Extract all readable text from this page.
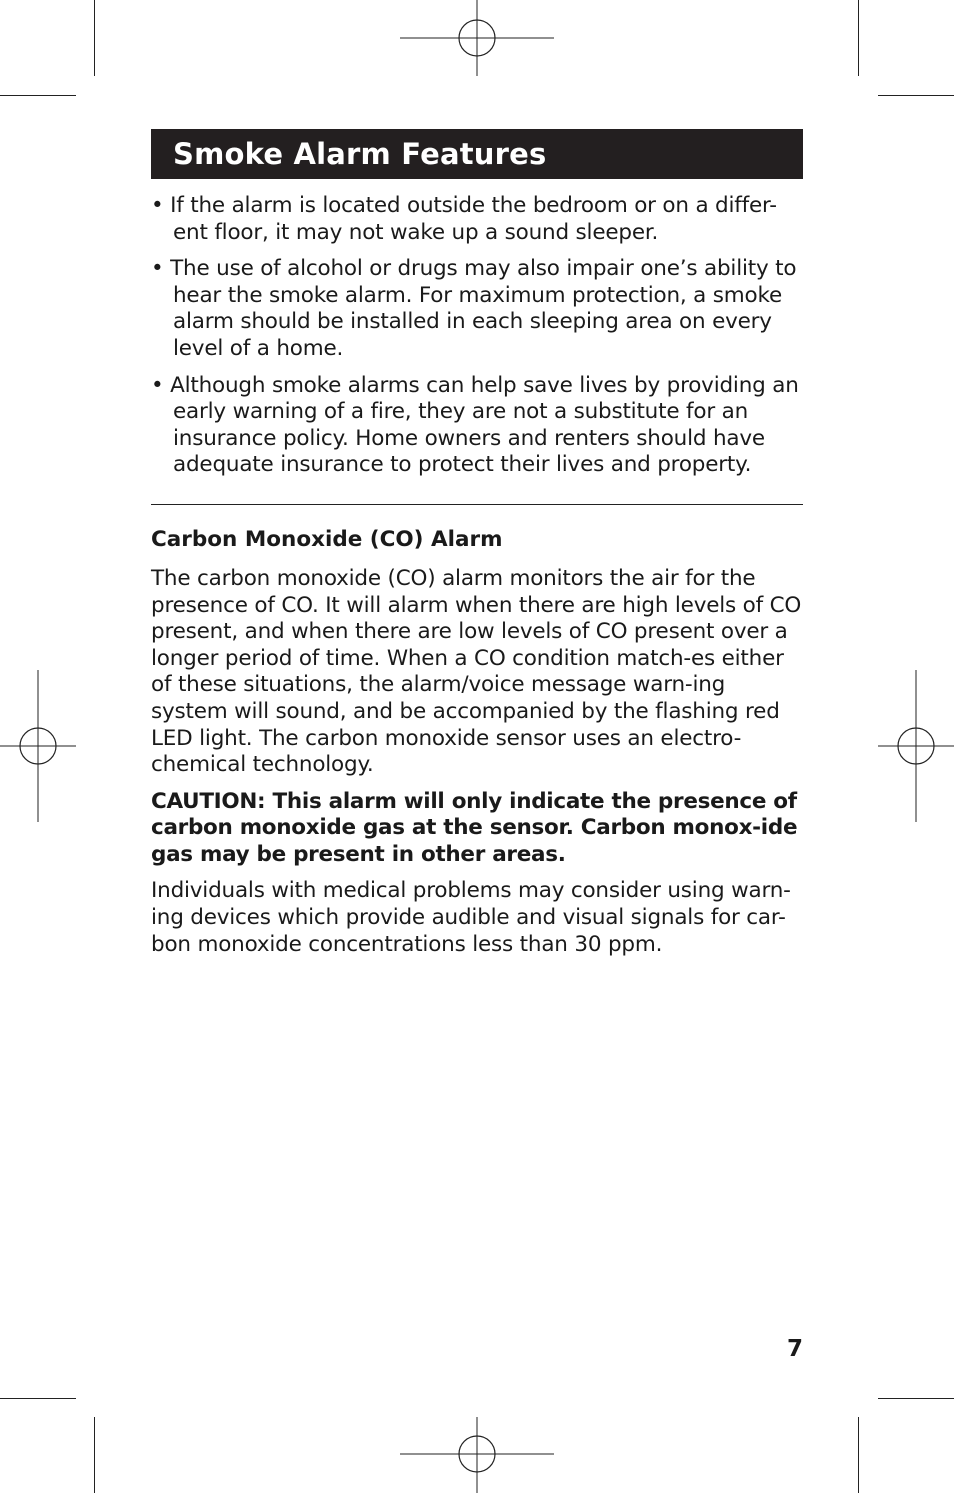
Smoke Alarm Features
• If the alarm is located outside the bedroom or on a differ-ent floor, it may not wake up a sound sleeper.
• The use of alcohol or drugs may also impair one’s ability to hear the smoke alarm. For maximum protection, a smoke alarm should be installed in each sleeping area on every level of a home.
• Although smoke alarms can help save lives by providing an early warning of a fire, they are not a substitute for an insurance policy. Home owners and renters should have adequate insurance to protect their lives and property.
Carbon Monoxide (CO) Alarm

The carbon monoxide (CO) alarm monitors the air for the presence of CO. It will alarm when there are high levels of CO present, and when there are low levels of CO present over a longer period of time. When a CO condition match-es either of these situations, the alarm/voice message warn-ing system will sound, and be accompanied by the flashing red LED light. The carbon monoxide sensor uses an electro-chemical technology.

CAUTION: This alarm will only indicate the presence of carbon monoxide gas at the sensor. Carbon monox-ide gas may be present in other areas.

Individuals with medical problems may consider using warn-ing devices which provide audible and visual signals for car-bon monoxide concentrations less than 30 ppm.

7
